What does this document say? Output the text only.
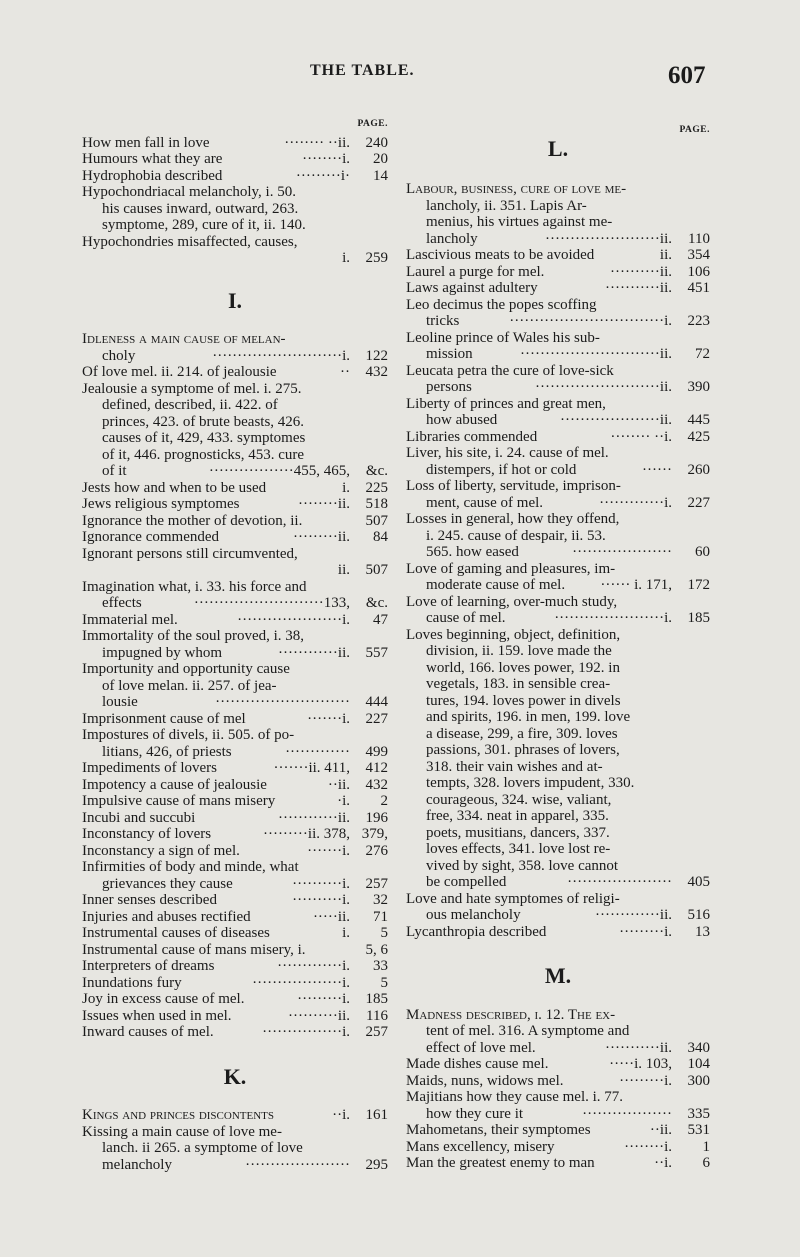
THE TABLE.	607
PAGE.
How men fall in love	········ ··ii.	240
Humours what they are	········i.	20
Hydrophobia described	·········i·	14
Hypochondriacal melancholy, i. 50.
his causes inward, outward, 263.
symptome, 289, cure of it, ii. 140.
Hypochondries misaffected, causes,
i.	259
I.
Idleness a main cause of melan-
choly	··························i.	122
Of love mel. ii. 214. of jealousie	··	432
Jealousie a symptome of mel. i. 275.
defined, described, ii. 422. of
princes, 423. of brute beasts, 426.
causes of it, 429, 433. symptomes
of it, 446. prognosticks, 453. cure
of it	·················455, 465,	&c.
Jests how and when to be used	i.	225
Jews religious symptomes	········ii.	518
Ignorance the mother of devotion, ii.	507
Ignorance commended	·········ii.	84
Ignorant persons still circumvented,
ii.	507
Imagination what, i. 33. his force and
effects	··························133,	&c.
Immaterial mel.	·····················i.	47
Immortality of the soul proved, i. 38,
impugned by whom	············ii.	557
Importunity and opportunity cause
of love melan. ii. 257. of jea-
lousie	···························	444
Imprisonment cause of mel	·······i.	227
Impostures of divels, ii. 505. of po-
litians, 426, of priests	·············	499
Impediments of lovers	·······ii. 411,	412
Impotency a cause of jealousie	··ii.	432
Impulsive cause of mans misery	·i.	2
Incubi and succubi	············ii.	196
Inconstancy of lovers	·········ii. 378, 379,
Inconstancy a sign of mel.	·······i.	276
Infirmities of body and minde, what
grievances they cause	··········i.	257
Inner senses described	··········i.	32
Injuries and abuses rectified	·····ii.	71
Instrumental causes of diseases	i.	5
Instrumental cause of mans misery, i.	5, 6
Interpreters of dreams	·············i.	33
Inundations fury	··················i.	5
Joy in excess cause of mel.	·········i.	185
Issues when used in mel.	··········ii.	116
Inward causes of mel.	················i.	257
K.
Kings and princes discontents	··i.	161
Kissing a main cause of love me-
lanch. ii 265. a symptome of love
melancholy	·····················	295
PAGE.
L.
Labour, business, cure of love me-
lancholy, ii. 351. Lapis Ar-
menius, his virtues against me-
lancholy	·······················ii.	110
Lascivious meats to be avoided	ii.	354
Laurel a purge for mel.	··········ii.	106
Laws against adultery	···········ii.	451
Leo decimus the popes scoffing
tricks	·······························i.	223
Leoline prince of Wales his sub-
mission	····························ii.	72
Leucata petra the cure of love-sick
persons	·························ii.	390
Liberty of princes and great men,
how abused	····················ii.	445
Libraries commended	········ ··i.	425
Liver, his site, i. 24. cause of mel.
distempers, if hot or cold	······	260
Loss of liberty, servitude, imprison-
ment, cause of mel.	·············i.	227
Losses in general, how they offend,
i. 245. cause of despair, ii. 53.
565. how eased	····················	60
Love of gaming and pleasures, im-
moderate cause of mel. ······ i. 171,	172
Love of learning, over-much study,
cause of mel.	······················i.	185
Loves beginning, object, definition,
division, ii. 159. love made the
world, 166. loves power, 192. in
vegetals, 183. in sensible crea-
tures, 194. loves power in divels
and spirits, 196. in men, 199. love
a disease, 299, a fire, 309. loves
passions, 301. phrases of lovers,
318. their vain wishes and at-
tempts, 328. lovers impudent, 330.
courageous, 324. wise, valiant,
free, 334. neat in apparel, 335.
poets, musitians, dancers, 337.
loves effects, 341. love lost re-
vived by sight, 358. love cannot
be compelled	·····················	405
Love and hate symptomes of religi-
ous melancholy	·············ii.	516
Lycanthropia described	·········i.	13
M.
Madness described, i. 12. The ex-
tent of mel. 316. A symptome and
effect of love mel.	···········ii.	340
Made dishes cause mel.	·····i. 103,	104
Maids, nuns, widows mel.	·········i.	300
Majitians how they cause mel. i. 77.
how they cure it	··················	335
Mahometans, their symptomes	··ii.	531
Mans excellency, misery	········i.	1
Man the greatest enemy to man	··i.	6
